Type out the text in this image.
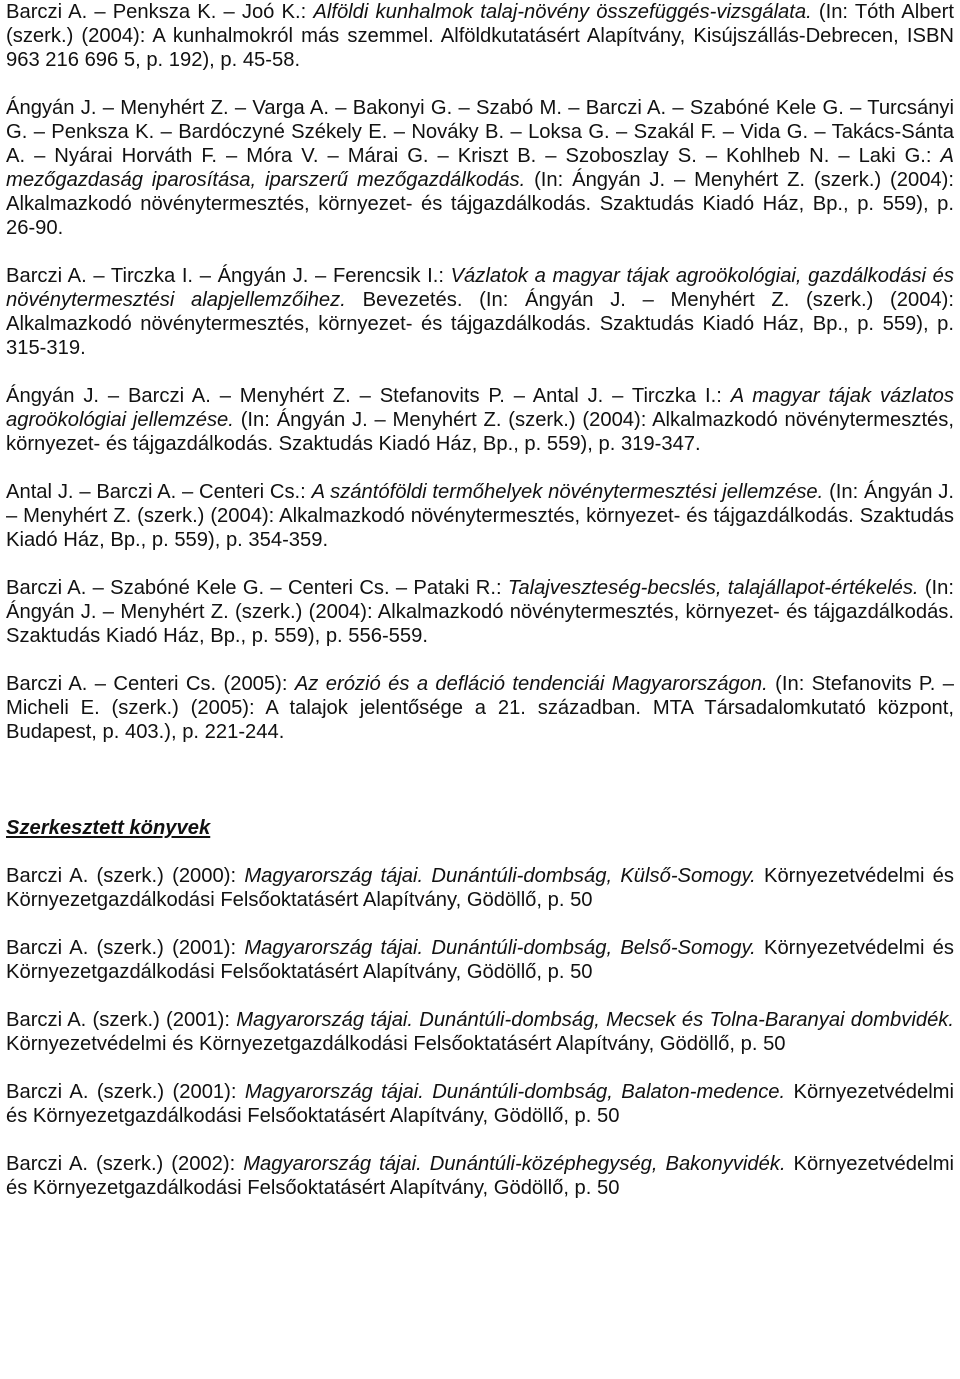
Barczi A. – Penksza K. – Joó K.: Alföldi kunhalmok talaj-növény összefüggés-vizsgálata. (In: Tóth Albert (szerk.) (2004): A kunhalmokról más szemmel. Alföldkutatásért Alapítvány, Kisújszállás-Debrecen, ISBN 963 216 696 5, p. 192), p. 45-58.

Ángyán J. – Menyhért Z. – Varga A. – Bakonyi G. – Szabó M. – Barczi A. – Szabóné Kele G. – Turcsányi G. – Penksza K. – Bardóczyné Székely E. – Nováky B. – Loksa G. – Szakál F. – Vida G. – Takács-Sánta A. – Nyárai Horváth F. – Móra V. – Márai G. – Kriszt B. – Szoboszlay S. – Kohlheb N. – Laki G.: A mezőgazdaság iparosítása, iparszerű mezőgazdálkodás. (In: Ángyán J. – Menyhért Z. (szerk.) (2004): Alkalmazkodó növénytermesztés, környezet- és tájgazdálkodás. Szaktudás Kiadó Ház, Bp., p. 559), p. 26-90.

Barczi A. – Tirczka I. – Ángyán J. – Ferencsik I.: Vázlatok a magyar tájak agroökológiai, gazdálkodási és növénytermesztési alapjellemzőihez. Bevezetés. (In: Ángyán J. – Menyhért Z. (szerk.) (2004): Alkalmazkodó növénytermesztés, környezet- és tájgazdálkodás. Szaktudás Kiadó Ház, Bp., p. 559), p. 315-319.

Ángyán J. – Barczi A. – Menyhért Z. – Stefanovits P. – Antal J. – Tirczka I.: A magyar tájak vázlatos agroökológiai jellemzése. (In: Ángyán J. – Menyhért Z. (szerk.) (2004): Alkalmazkodó növénytermesztés, környezet- és tájgazdálkodás. Szaktudás Kiadó Ház, Bp., p. 559), p. 319-347.

Antal J. – Barczi A. – Centeri Cs.: A szántóföldi termőhelyek növénytermesztési jellemzése. (In: Ángyán J. – Menyhért Z. (szerk.) (2004): Alkalmazkodó növénytermesztés, környezet- és tájgazdálkodás. Szaktudás Kiadó Ház, Bp., p. 559), p. 354-359.

Barczi A. – Szabóné Kele G. – Centeri Cs. – Pataki R.: Talajveszteség-becslés, talajállapot-értékelés. (In: Ángyán J. – Menyhért Z. (szerk.) (2004): Alkalmazkodó növénytermesztés, környezet- és tájgazdálkodás. Szaktudás Kiadó Ház, Bp., p. 559), p. 556-559.

Barczi A. – Centeri Cs. (2005): Az erózió és a defláció tendenciái Magyarországon. (In: Stefanovits P. – Micheli E. (szerk.) (2005): A talajok jelentősége a 21. században. MTA Társadalomkutató központ, Budapest, p. 403.), p. 221-244.

Szerkesztett könyvek

Barczi A. (szerk.) (2000): Magyarország tájai. Dunántúli-dombság, Külső-Somogy. Környezetvédelmi és Környezetgazdálkodási Felsőoktatásért Alapítvány, Gödöllő, p. 50

Barczi A. (szerk.) (2001): Magyarország tájai. Dunántúli-dombság, Belső-Somogy. Környezetvédelmi és Környezetgazdálkodási Felsőoktatásért Alapítvány, Gödöllő, p. 50

Barczi A. (szerk.) (2001): Magyarország tájai. Dunántúli-dombság, Mecsek és Tolna-Baranyai dombvidék. Környezetvédelmi és Környezetgazdálkodási Felsőoktatásért Alapítvány, Gödöllő, p. 50

Barczi A. (szerk.) (2001): Magyarország tájai. Dunántúli-dombság, Balaton-medence. Környezetvédelmi és Környezetgazdálkodási Felsőoktatásért Alapítvány, Gödöllő, p. 50

Barczi A. (szerk.) (2002): Magyarország tájai. Dunántúli-középhegység, Bakonyvidék. Környezetvédelmi és Környezetgazdálkodási Felsőoktatásért Alapítvány, Gödöllő, p. 50
